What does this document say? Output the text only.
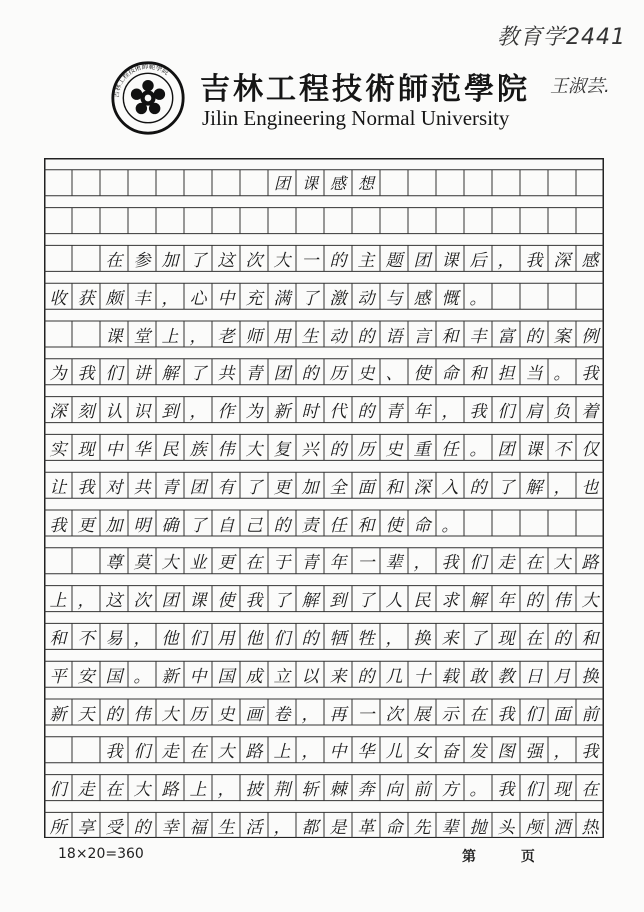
教育学2441
吉林工程技術師範學院
吉林工程技術師范學院 王淑芸.
Jilin Engineering Normal University
团 课 感 想
在 参 加 了 这 次 大 一 的 主 题 团 课 后 ， 我 深 感
收 获 颇 丰 ， 心 中 充 满 了 激 动 与 感 慨 。
课 堂 上 ， 老 师 用 生 动 的 语 言 和 丰 富 的 案 例
为 我 们 讲 解 了 共 青 团 的 历 史 、 使 命 和 担 当 。 我
深 刻 认 识 到 ， 作 为 新 时 代 的 青 年 ， 我 们 肩 负 着
实 现 中 华 民 族 伟 大 复 兴 的 历 史 重 任 。 团 课 不 仅
让 我 对 共 青 团 有 了 更 加 全 面 和 深 入 的 了 解 ， 也
我 更 加 明 确 了 自 己 的 责 任 和 使 命 。
尊 莫 大 业 更 在 于 青 年 一 辈 ， 我 们 走 在 大 路
上 ， 这 次 团 课 使 我 了 解 到 了 人 民 求 解 年 的 伟 大
和 不 易 ， 他 们 用 他 们 的 牺 牲 ， 换 来 了 现 在 的 和
平 安 国 。 新 中 国 成 立 以 来 的 几 十 载 敢 教 日 月 换
新 天 的 伟 大 历 史 画 卷 ， 再 一 次 展 示 在 我 们 面 前
我 们 走 在 大 路 上 ， 中 华 儿 女 奋 发 图 强 ， 我
们 走 在 大 路 上 ， 披 荆 斩 棘 奔 向 前 方 。 我 们 现 在
所 享 受 的 幸 福 生 活 ， 都 是 革 命 先 辈 抛 头 颅 洒 热
18×20=360	第 页
